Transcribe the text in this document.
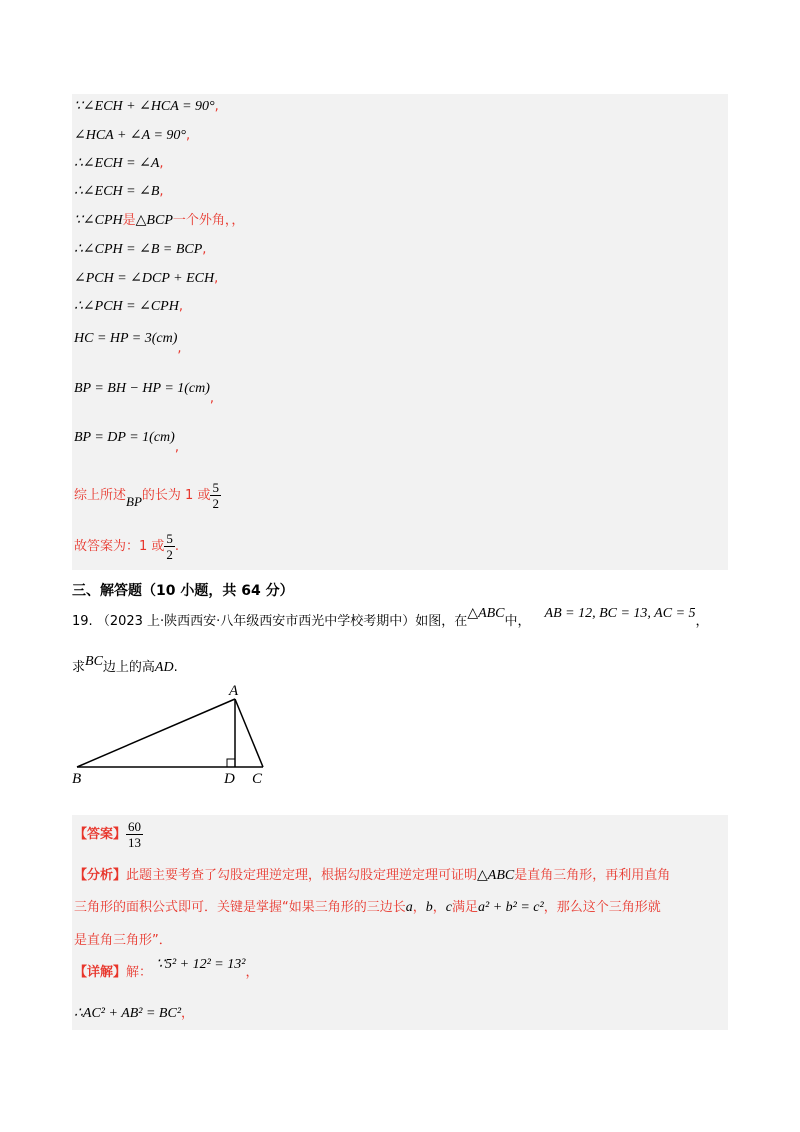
∵∠ECH + ∠HCA = 90°,
∠HCA + ∠A = 90°,
∴∠ECH = ∠A,
∴∠ECH = ∠B,
∵∠CPH是△BCP一个外角，，
∴∠CPH = ∠B = BCP,
∠PCH = ∠DCP + ECH,
∴∠PCH = ∠CPH,
HC = HP = 3(cm),
BP = BH − HP = 1(cm),
BP = DP = 1(cm),
综上所述BP的长为 1 或 $\frac{5}{2}$
故答案为：1 或 $\frac{5}{2}$ .
三、解答题（10 小题，共 64 分）
19. （2023 上·陕西西安·八年级西安市西光中学校考期中）如图，在△ABC中，AB = 12, BC = 13, AC = 5，
求BC边上的高AD.
A
B	D C
【答案】 $\frac{60}{13}$
【分析】此题主要考查了勾股定理逆定理，根据勾股定理逆定理可证明△ABC是直角三角形，再利用直角
三角形的面积公式即可．关键是掌握“如果三角形的三边长a，b，c满足a² + b² = c²，那么这个三角形就
是直角三角形”．
【详解】解：∵5² + 12² = 13²，
∴AC² + AB² = BC²，
